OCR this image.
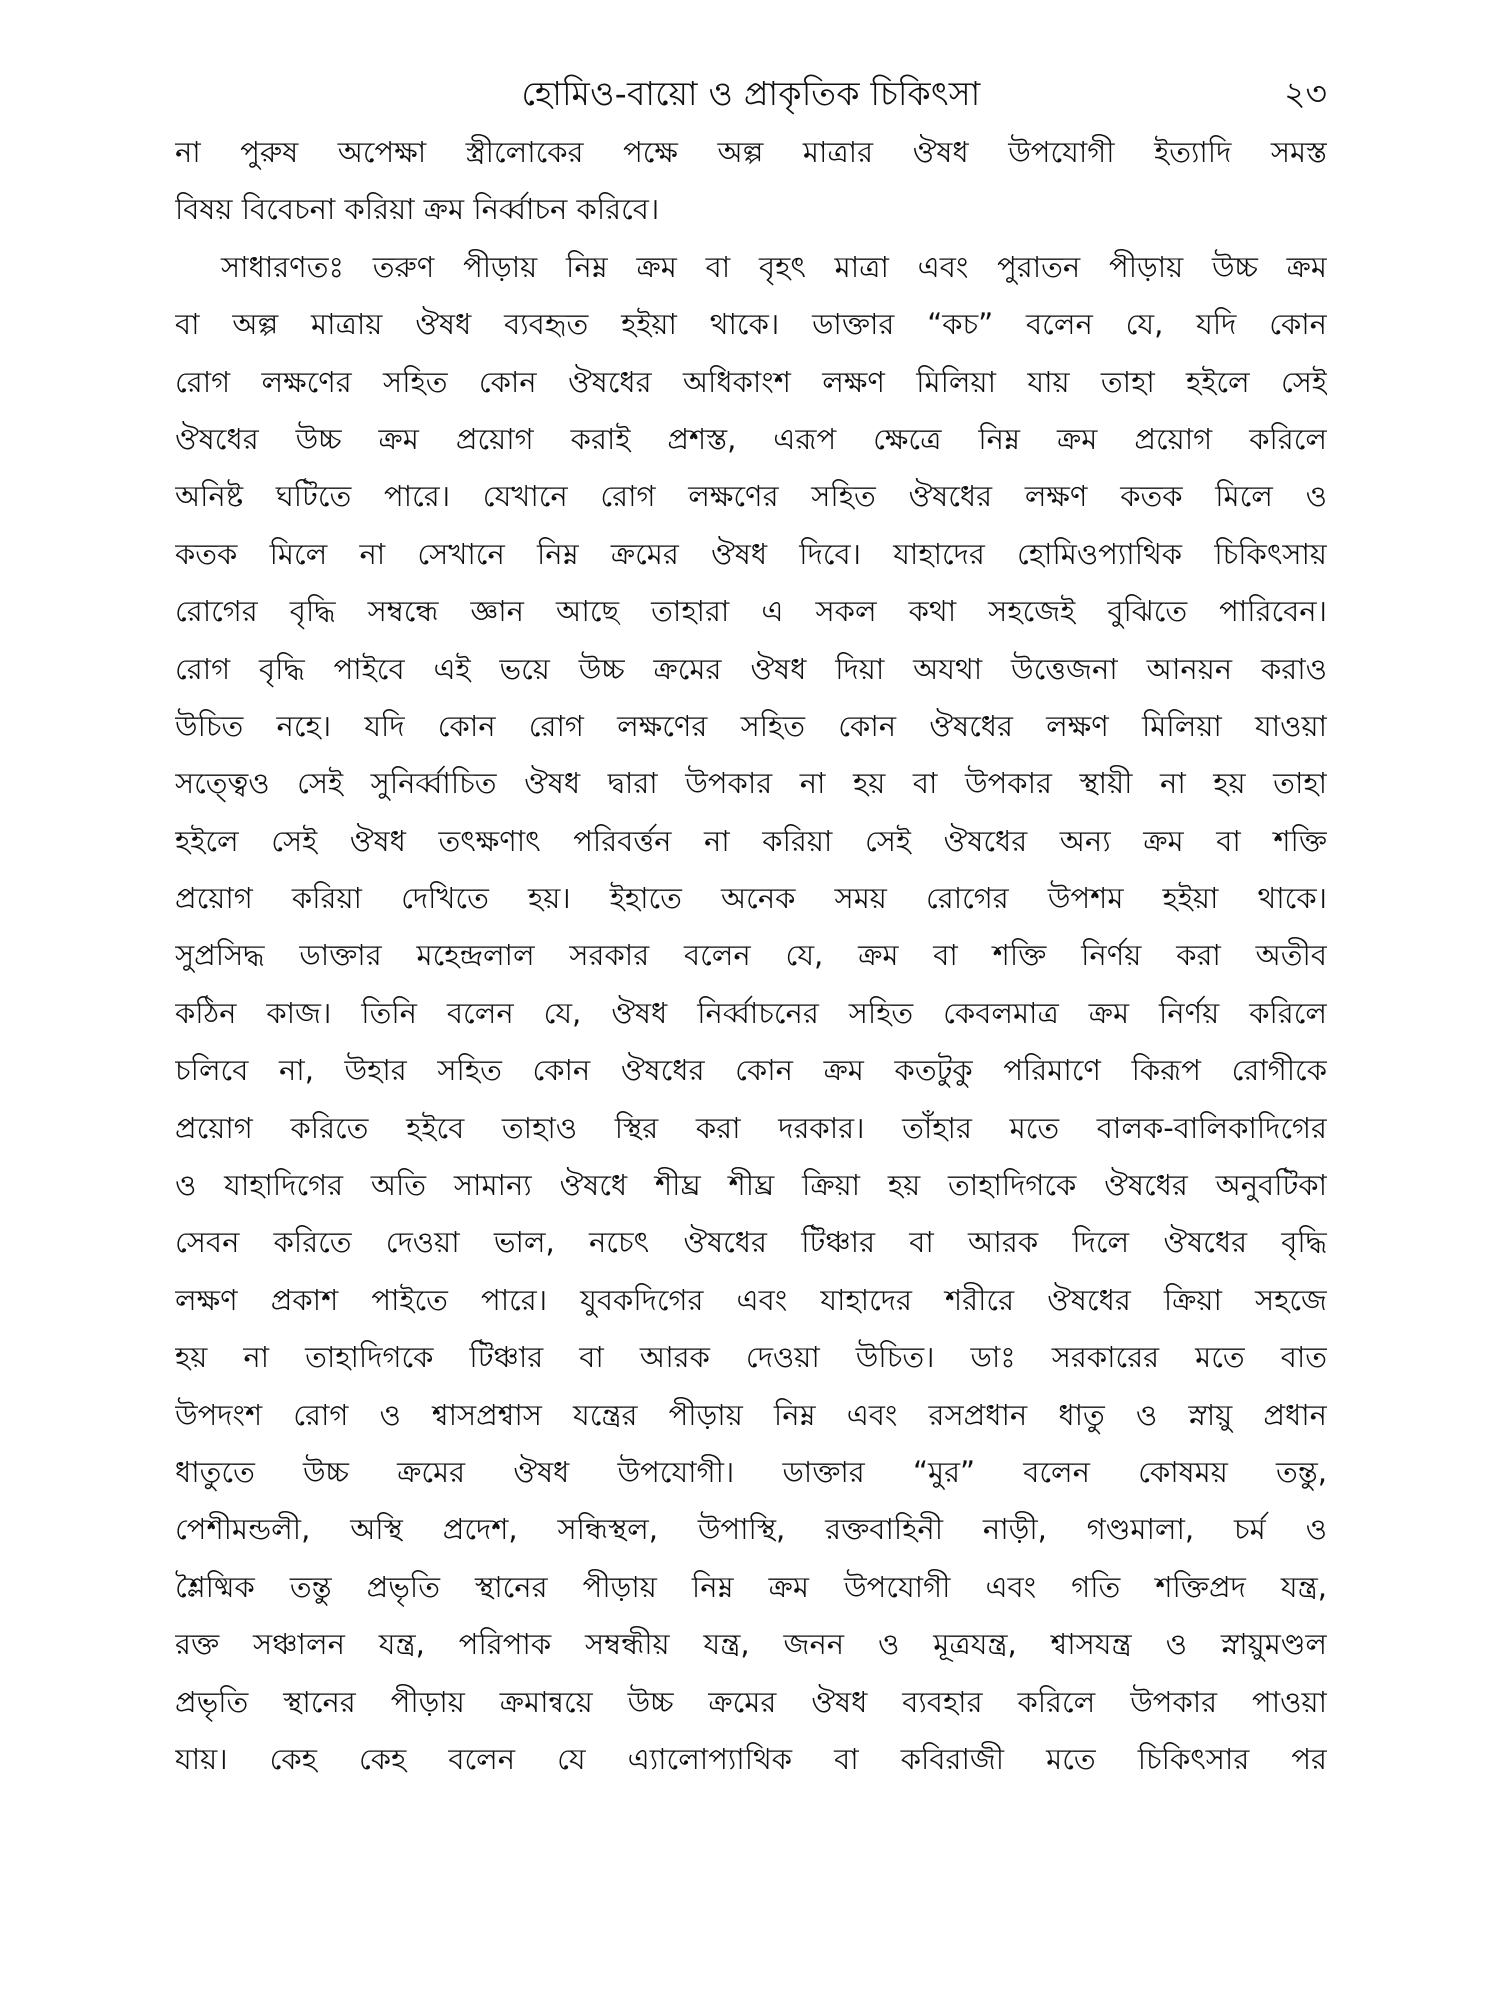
হোমিও-বায়ো ও প্রাকৃতিক চিকিৎসা	২৩
না পুরুষ অপেক্ষা স্ত্রীলোকের পক্ষে অল্প মাত্রার ঔষধ উপযোগী ইত্যাদি সমস্ত
বিষয় বিবেচনা করিয়া ক্রম নির্ব্বাচন করিবে।
সাধারণতঃ তরুণ পীড়ায় নিম্ন ক্রম বা বৃহৎ মাত্রা এবং পুরাতন পীড়ায় উচ্চ ক্রম
বা অল্প মাত্রায় ঔষধ ব্যবহৃত হইয়া থাকে। ডাক্তার “কচ” বলেন যে, যদি কোন
রোগ লক্ষণের সহিত কোন ঔষধের অধিকাংশ লক্ষণ মিলিয়া যায় তাহা হইলে সেই
ঔষধের উচ্চ ক্রম প্রয়োগ করাই প্রশস্ত, এরূপ ক্ষেত্রে নিম্ন ক্রম প্রয়োগ করিলে
অনিষ্ট ঘটিতে পারে। যেখানে রোগ লক্ষণের সহিত ঔষধের লক্ষণ কতক মিলে ও
কতক মিলে না সেখানে নিম্ন ক্রমের ঔষধ দিবে। যাহাদের হোমিওপ্যাথিক চিকিৎসায়
রোগের বৃদ্ধি সম্বন্ধে জ্ঞান আছে তাহারা এ সকল কথা সহজেই বুঝিতে পারিবেন।
রোগ বৃদ্ধি পাইবে এই ভয়ে উচ্চ ক্রমের ঔষধ দিয়া অযথা উত্তেজনা আনয়ন করাও
উচিত নহে। যদি কোন রোগ লক্ষণের সহিত কোন ঔষধের লক্ষণ মিলিয়া যাওয়া
সত্ত্বেও সেই সুনির্ব্বাচিত ঔষধ দ্বারা উপকার না হয় বা উপকার স্থায়ী না হয় তাহা
হইলে সেই ঔষধ তৎক্ষণাৎ পরিবর্ত্তন না করিয়া সেই ঔষধের অন্য ক্রম বা শক্তি
প্রয়োগ করিয়া দেখিতে হয়। ইহাতে অনেক সময় রোগের উপশম হইয়া থাকে।
সুপ্রসিদ্ধ ডাক্তার মহেন্দ্রলাল সরকার বলেন যে, ক্রম বা শক্তি নির্ণয় করা অতীব
কঠিন কাজ। তিনি বলেন যে, ঔষধ নির্ব্বাচনের সহিত কেবলমাত্র ক্রম নির্ণয় করিলে
চলিবে না, উহার সহিত কোন ঔষধের কোন ক্রম কতটুকু পরিমাণে কিরূপ রোগীকে
প্রয়োগ করিতে হইবে তাহাও স্থির করা দরকার। তাঁহার মতে বালক-বালিকাদিগের
ও যাহাদিগের অতি সামান্য ঔষধে শীঘ্র শীঘ্র ক্রিয়া হয় তাহাদিগকে ঔষধের অনুবটিকা
সেবন করিতে দেওয়া ভাল, নচেৎ ঔষধের টিঞ্চার বা আরক দিলে ঔষধের বৃদ্ধি
লক্ষণ প্রকাশ পাইতে পারে। যুবকদিগের এবং যাহাদের শরীরে ঔষধের ক্রিয়া সহজে
হয় না তাহাদিগকে টিঞ্চার বা আরক দেওয়া উচিত। ডাঃ সরকারের মতে বাত
উপদংশ রোগ ও শ্বাসপ্রশ্বাস যন্ত্রের পীড়ায় নিম্ন এবং রসপ্রধান ধাতু ও স্নায়ু প্রধান
ধাতুতে উচ্চ ক্রমের ঔষধ উপযোগী। ডাক্তার “মুর” বলেন কোষময় তন্তু,
পেশীমন্ডলী, অস্থি প্রদেশ, সন্ধিস্থল, উপাস্থি, রক্তবাহিনী নাড়ী, গণ্ডমালা, চর্ম ও
শ্লৈষ্মিক তন্তু প্রভৃতি স্থানের পীড়ায় নিম্ন ক্রম উপযোগী এবং গতি শক্তিপ্রদ যন্ত্র,
রক্ত সঞ্চালন যন্ত্র, পরিপাক সম্বন্ধীয় যন্ত্র, জনন ও মূত্রযন্ত্র, শ্বাসযন্ত্র ও স্নায়ুমণ্ডল
প্রভৃতি স্থানের পীড়ায় ক্রমান্বয়ে উচ্চ ক্রমের ঔষধ ব্যবহার করিলে উপকার পাওয়া
যায়। কেহ কেহ বলেন যে এ্যালোপ্যাথিক বা কবিরাজী মতে চিকিৎসার পর
